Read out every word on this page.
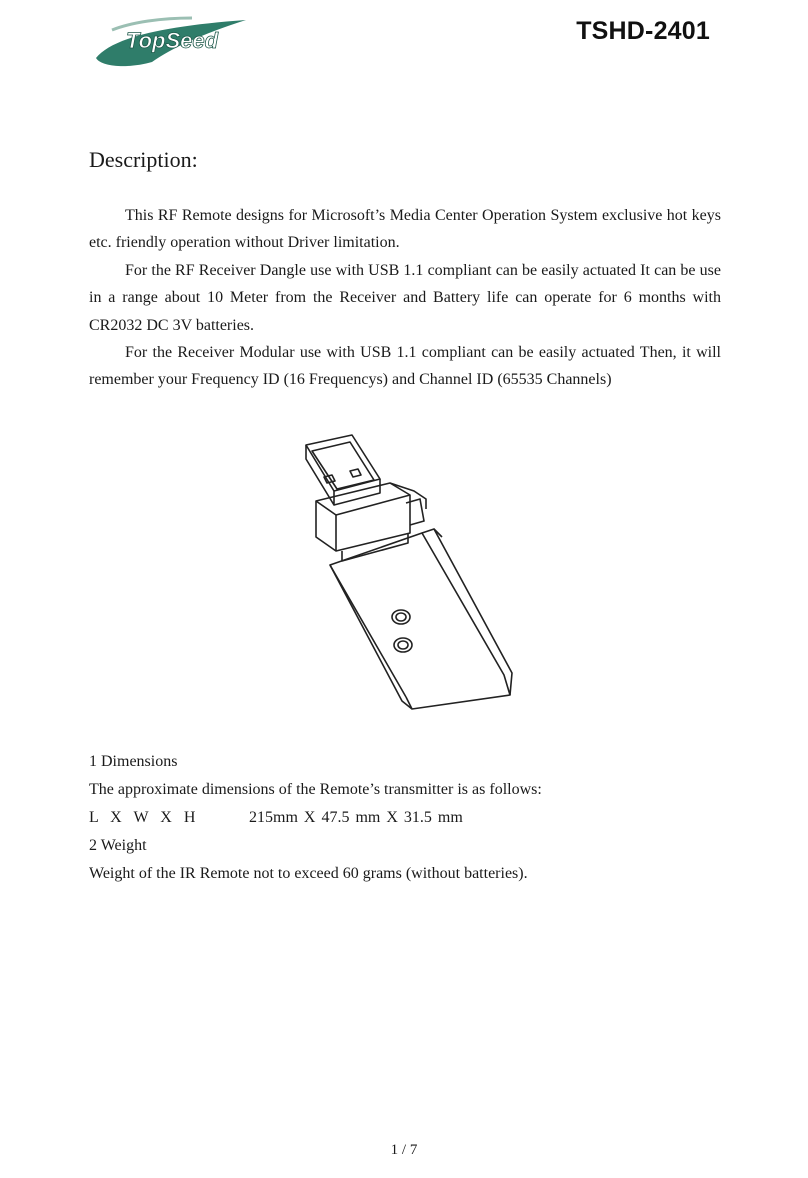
TopSeed	TSHD-2401
Description:

This RF Remote designs for Microsoft’s Media Center Operation System exclusive hot keys etc. friendly operation without Driver limitation.

For the RF Receiver Dangle use with USB 1.1 compliant can be easily actuated It can be use in a range about 10 Meter from the Receiver and Battery life can operate for 6 months with CR2032 DC 3V batteries.

For the Receiver Modular use with USB 1.1 compliant can be easily actuated Then, it will remember your Frequency ID (16 Frequencys) and Channel ID (65535 Channels)

1 Dimensions
The approximate dimensions of the Remote’s transmitter is as follows:
L X W X H	215mm X 47.5 mm X 31.5 mm
2 Weight
Weight of the IR Remote not to exceed 60 grams (without batteries).
1 / 7
